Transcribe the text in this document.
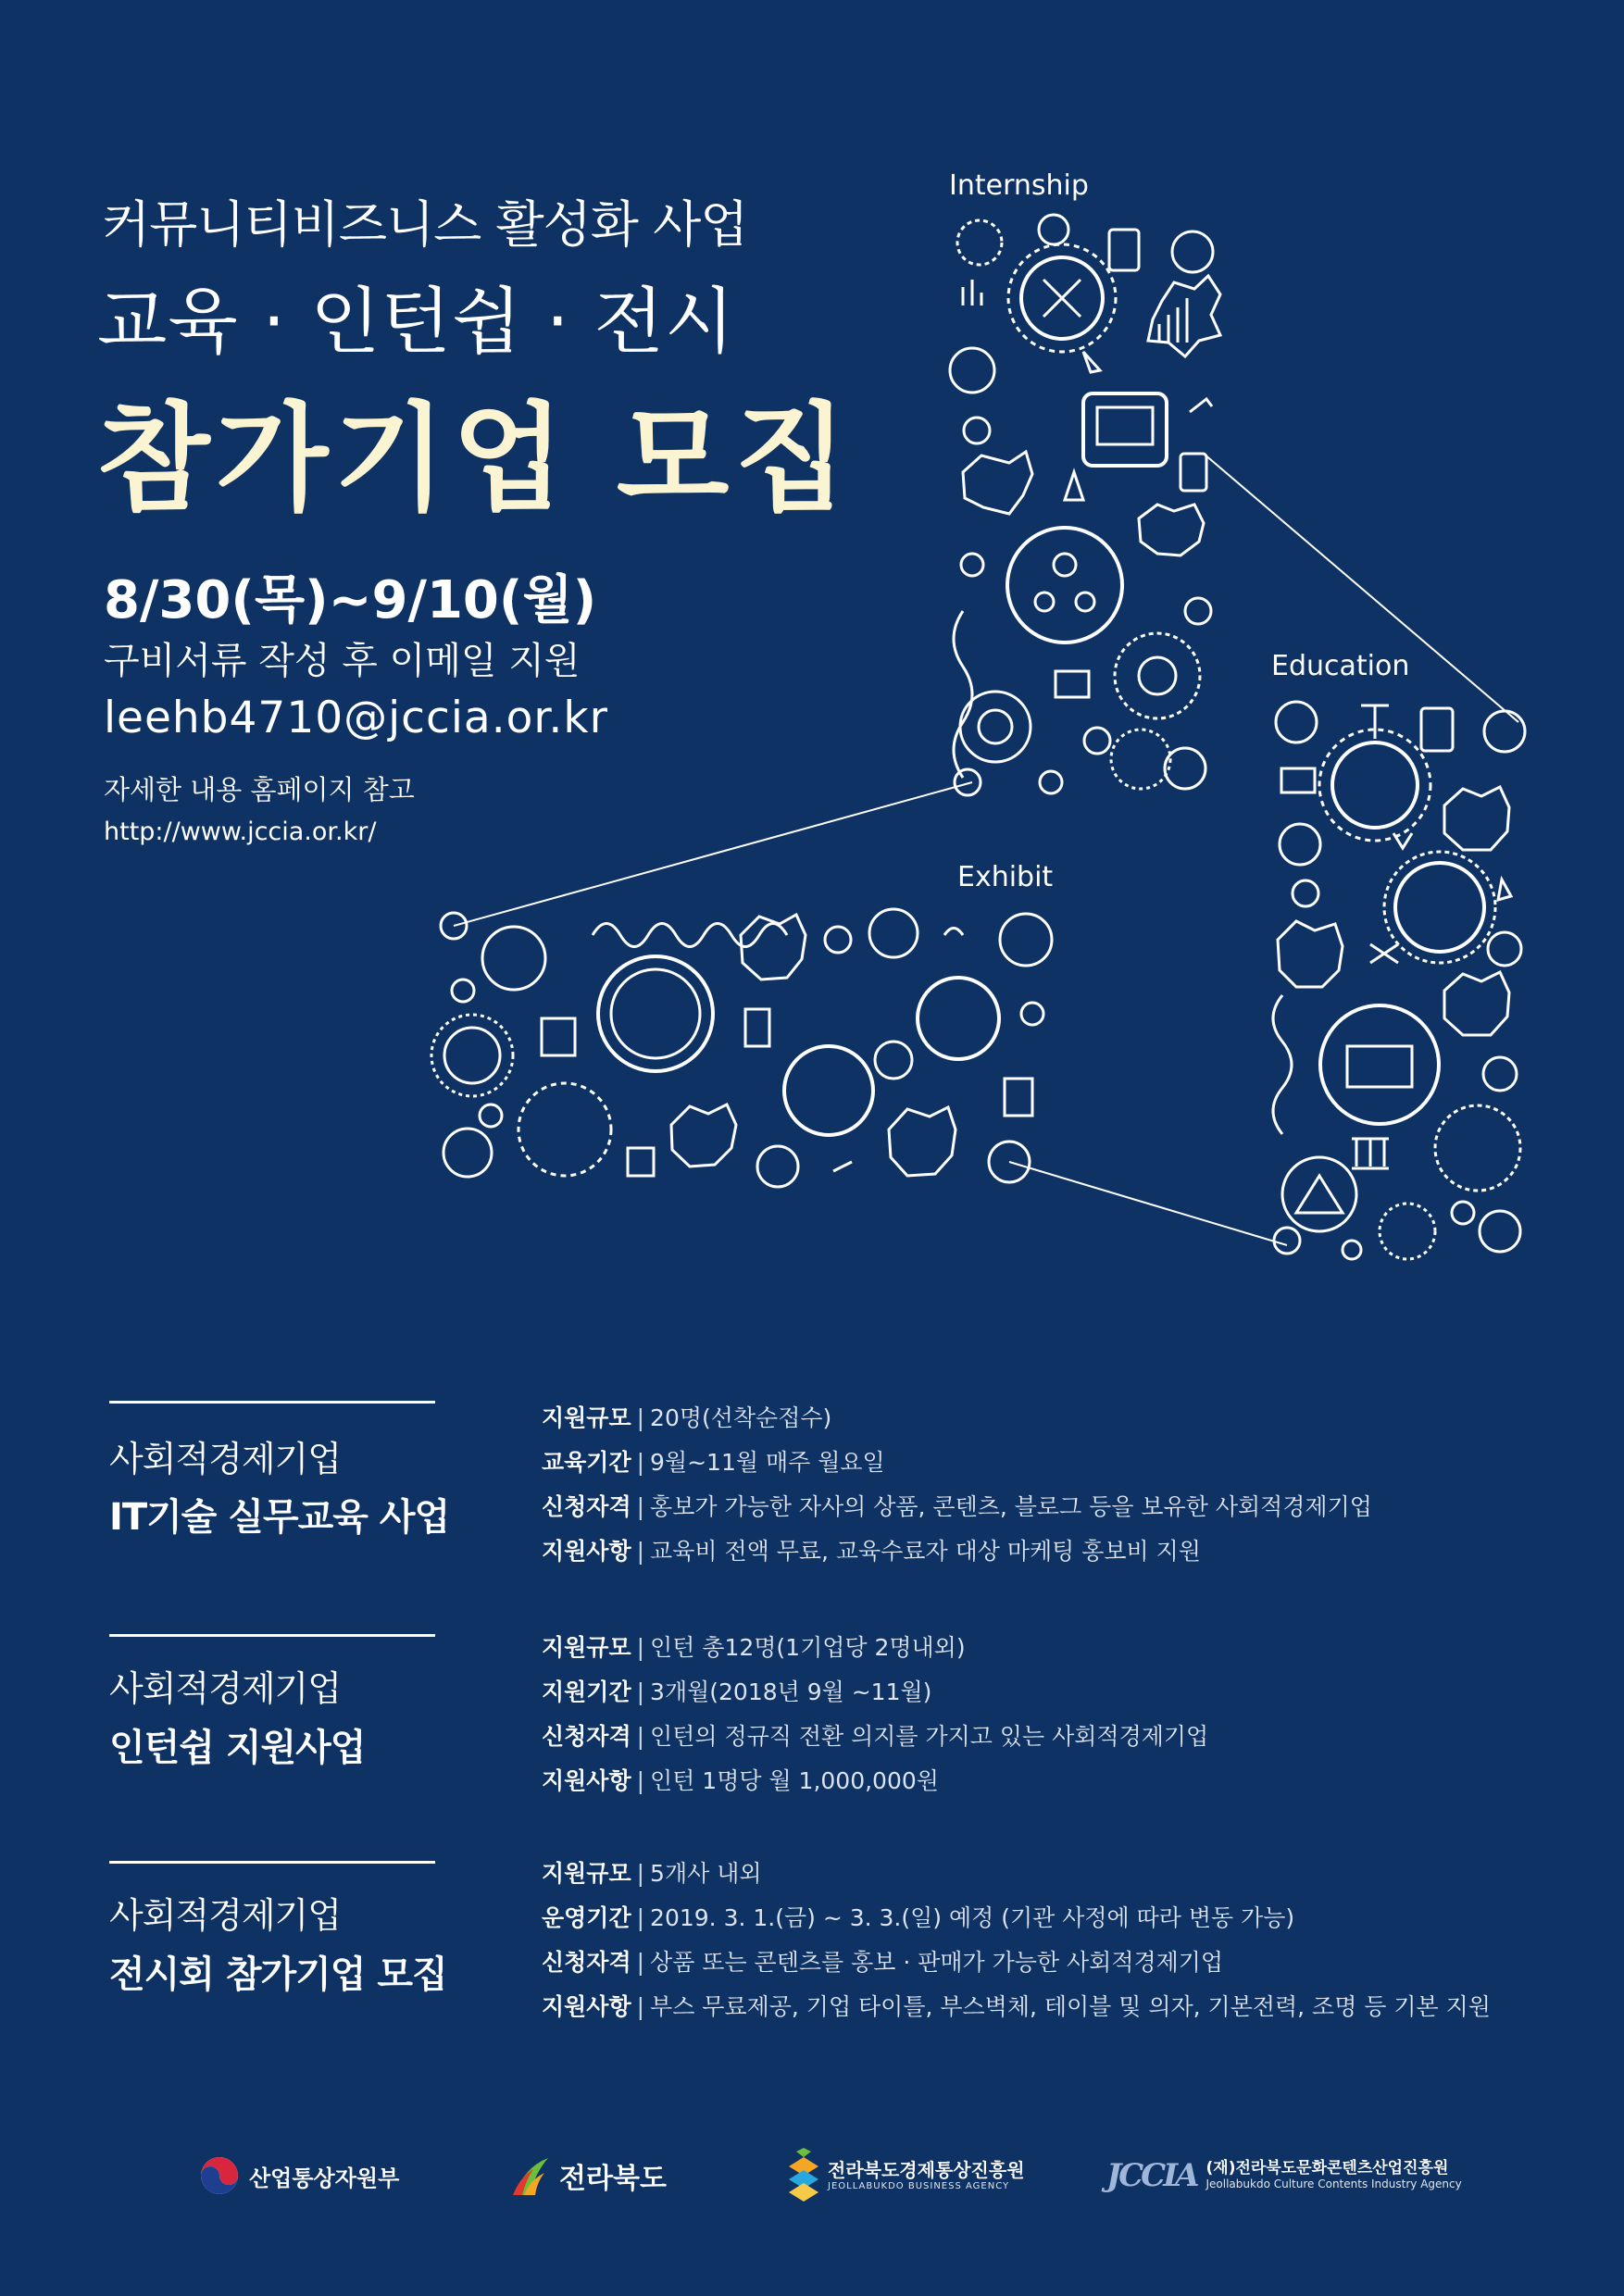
커뮤니티비즈니스 활성화 사업
교육 · 인턴쉽 · 전시
참가기업 모집
8/30(목)~9/10(월)
구비서류 작성 후 이메일 지원
leehb4710@jccia.or.kr
자세한 내용 홈페이지 참고
http://www.jccia.or.kr/
Internship
Education
Exhibit
사회적경제기업
IT기술 실무교육 사업
지원규모 | 20명(선착순접수)
교육기간 | 9월~11월 매주 월요일
신청자격 | 홍보가 가능한 자사의 상품, 콘텐츠, 블로그 등을 보유한 사회적경제기업
지원사항 | 교육비 전액 무료, 교육수료자 대상 마케팅 홍보비 지원
사회적경제기업
인턴쉽 지원사업
지원규모 | 인턴 총12명(1기업당 2명내외)
지원기간 | 3개월(2018년 9월 ~11월)
신청자격 | 인턴의 정규직 전환 의지를 가지고 있는 사회적경제기업
지원사항 | 인턴 1명당 월 1,000,000원
사회적경제기업
전시회 참가기업 모집
지원규모 | 5개사 내외
운영기간 | 2019. 3. 1.(금) ~ 3. 3.(일) 예정 (기관 사정에 따라 변동 가능)
신청자격 | 상품 또는 콘텐츠를 홍보 · 판매가 가능한 사회적경제기업
지원사항 | 부스 무료제공, 기업 타이틀, 부스벽체, 테이블 및 의자, 기본전력, 조명 등 기본 지원
산업통상자원부	전라북도	전라북도경제통상진흥원
JEOLLABUKDO BUSINESS AGENCY	JCCIA (재)전라북도문화콘텐츠산업진흥원
Jeollabukdo Culture Contents Industry Agency
